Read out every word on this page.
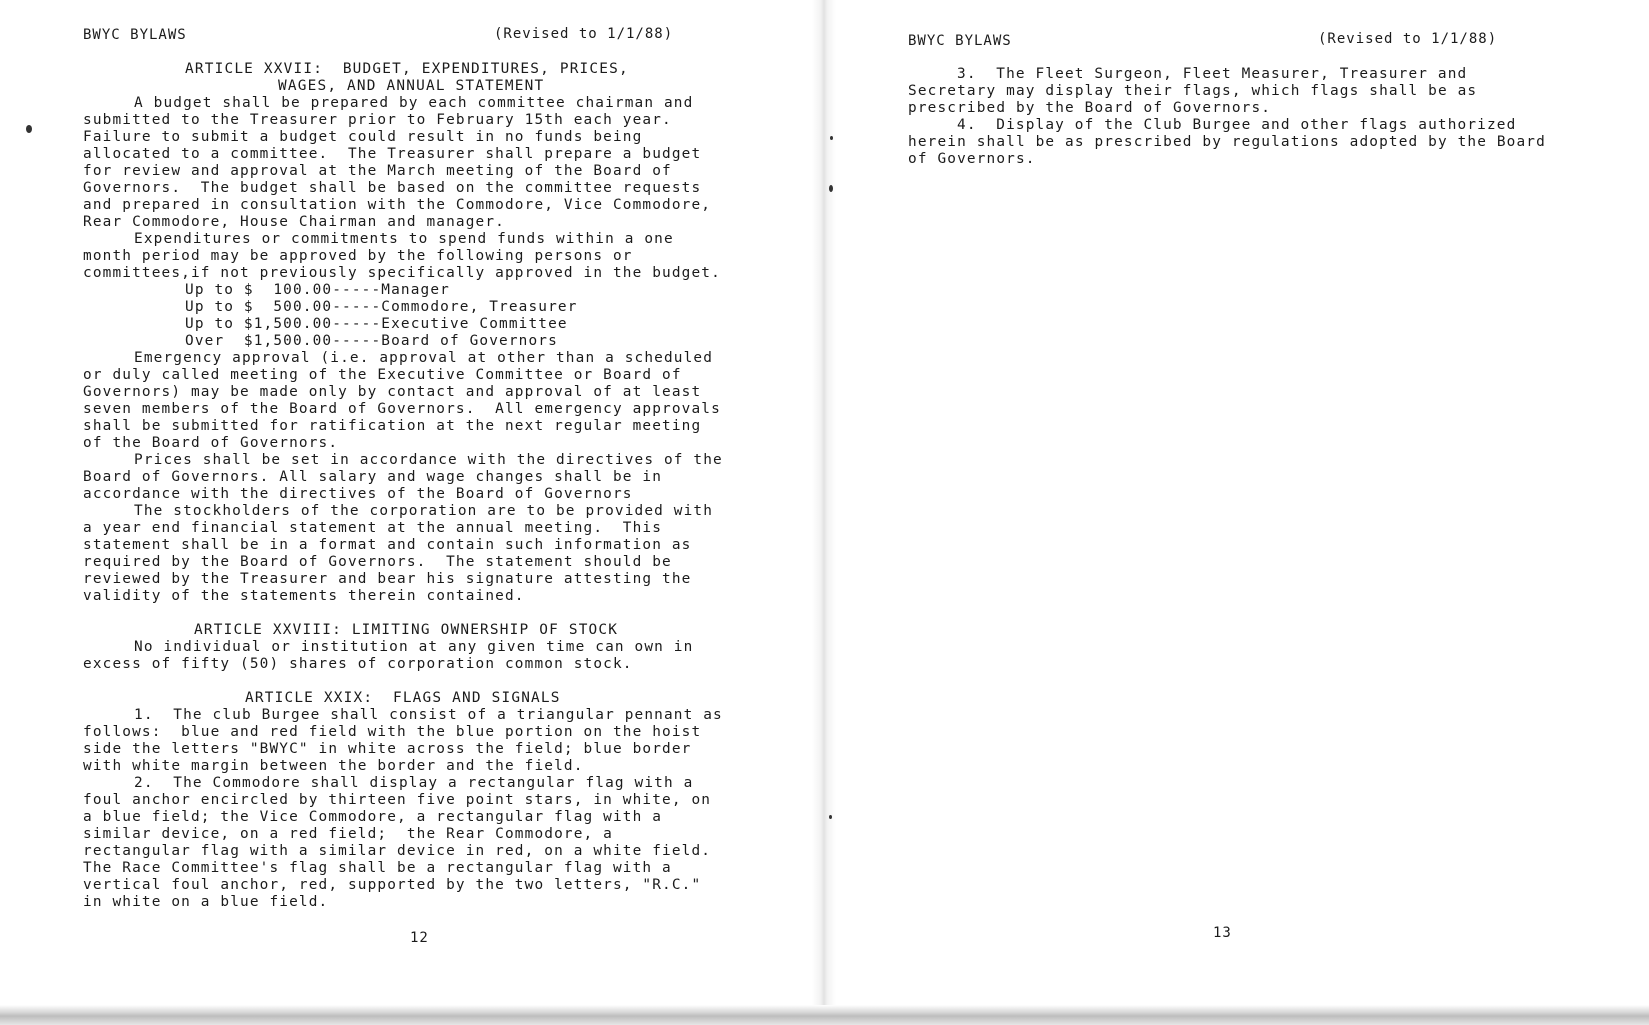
BWYC BYLAWS	(Revised to 1/1/88)
ARTICLE XXVII:  BUDGET, EXPENDITURES, PRICES,
WAGES, AND ANNUAL STATEMENT
A budget shall be prepared by each committee chairman and
submitted to the Treasurer prior to February 15th each year.
Failure to submit a budget could result in no funds being
allocated to a committee.  The Treasurer shall prepare a budget
for review and approval at the March meeting of the Board of
Governors.  The budget shall be based on the committee requests
and prepared in consultation with the Commodore, Vice Commodore,
Rear Commodore, House Chairman and manager.
Expenditures or commitments to spend funds within a one
month period may be approved by the following persons or
committees,if not previously specifically approved in the budget.
Up to $  100.00-----Manager
Up to $  500.00-----Commodore, Treasurer
Up to $1,500.00-----Executive Committee
Over  $1,500.00-----Board of Governors
Emergency approval (i.e. approval at other than a scheduled
or duly called meeting of the Executive Committee or Board of
Governors) may be made only by contact and approval of at least
seven members of the Board of Governors.  All emergency approvals
shall be submitted for ratification at the next regular meeting
of the Board of Governors.
Prices shall be set in accordance with the directives of the
Board of Governors. All salary and wage changes shall be in
accordance with the directives of the Board of Governors
The stockholders of the corporation are to be provided with
a year end financial statement at the annual meeting.  This
statement shall be in a format and contain such information as
required by the Board of Governors.  The statement should be
reviewed by the Treasurer and bear his signature attesting the
validity of the statements therein contained.
ARTICLE XXVIII: LIMITING OWNERSHIP OF STOCK
No individual or institution at any given time can own in
excess of fifty (50) shares of corporation common stock.
ARTICLE XXIX:  FLAGS AND SIGNALS
1.  The club Burgee shall consist of a triangular pennant as
follows:  blue and red field with the blue portion on the hoist
side the letters "BWYC" in white across the field; blue border
with white margin between the border and the field.
2.  The Commodore shall display a rectangular flag with a
foul anchor encircled by thirteen five point stars, in white, on
a blue field; the Vice Commodore, a rectangular flag with a
similar device, on a red field;  the Rear Commodore, a
rectangular flag with a similar device in red, on a white field.
The Race Committee's flag shall be a rectangular flag with a
vertical foul anchor, red, supported by the two letters, "R.C."
in white on a blue field.
12
BWYC BYLAWS	(Revised to 1/1/88)
3.  The Fleet Surgeon, Fleet Measurer, Treasurer and
Secretary may display their flags, which flags shall be as
prescribed by the Board of Governors.
4.  Display of the Club Burgee and other flags authorized
herein shall be as prescribed by regulations adopted by the Board
of Governors.
13
